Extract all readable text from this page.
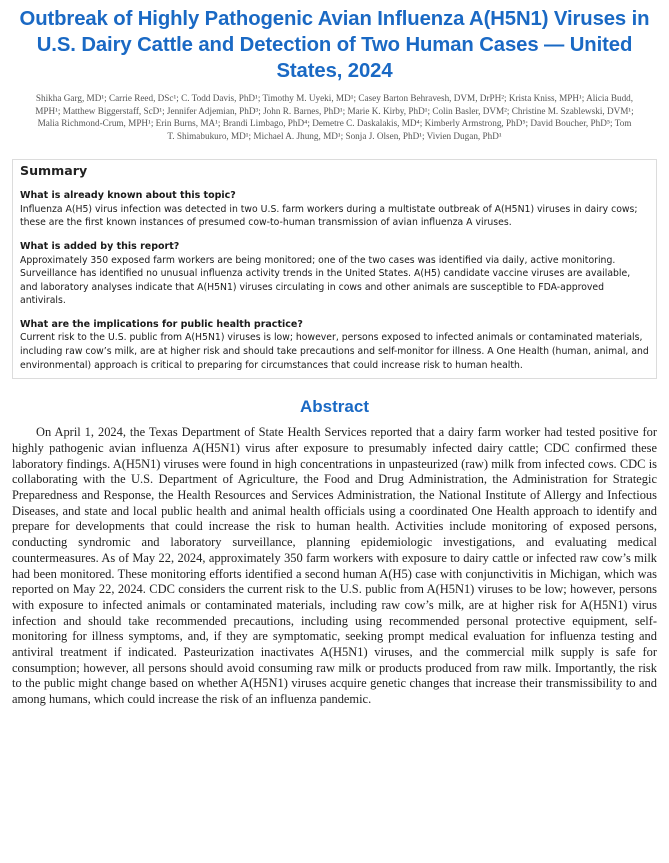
Outbreak of Highly Pathogenic Avian Influenza A(H5N1) Viruses in U.S. Dairy Cattle and Detection of Two Human Cases — United States, 2024

Shikha Garg, MD¹; Carrie Reed, DSc¹; C. Todd Davis, PhD¹; Timothy M. Uyeki, MD¹; Casey Barton Behravesh, DVM, DrPH²; Krista Kniss, MPH¹; Alicia Budd, MPH¹; Matthew Biggerstaff, ScD¹; Jennifer Adjemian, PhD³; John R. Barnes, PhD¹; Marie K. Kirby, PhD¹; Colin Basler, DVM²; Christine M. Szablewski, DVM¹; Malia Richmond-Crum, MPH¹; Erin Burns, MA¹; Brandi Limbago, PhD⁴; Demetre C. Daskalakis, MD⁴; Kimberly Armstrong, PhD⁵; David Boucher, PhD⁵; Tom T. Shimabukuro, MD¹; Michael A. Jhung, MD¹; Sonja J. Olsen, PhD¹; Vivien Dugan, PhD¹

Summary

What is already known about this topic?

Influenza A(H5) virus infection was detected in two U.S. farm workers during a multistate outbreak of A(H5N1) viruses in dairy cows; these are the first known instances of presumed cow-to-human transmission of avian influenza A viruses.

What is added by this report?

Approximately 350 exposed farm workers are being monitored; one of the two cases was identified via daily, active monitoring. Surveillance has identified no unusual influenza activity trends in the United States. A(H5) candidate vaccine viruses are available, and laboratory analyses indicate that A(H5N1) viruses circulating in cows and other animals are susceptible to FDA-approved antivirals.

What are the implications for public health practice?

Current risk to the U.S. public from A(H5N1) viruses is low; however, persons exposed to infected animals or contaminated materials, including raw cow’s milk, are at higher risk and should take precautions and self-monitor for illness. A One Health (human, animal, and environmental) approach is critical to preparing for circumstances that could increase risk to human health.

Abstract

On April 1, 2024, the Texas Department of State Health Services reported that a dairy farm worker had tested positive for highly pathogenic avian influenza A(H5N1) virus after exposure to presumably infected dairy cattle; CDC confirmed these laboratory findings. A(H5N1) viruses were found in high concentrations in unpasteurized (raw) milk from infected cows. CDC is collaborating with the U.S. Department of Agriculture, the Food and Drug Administration, the Administration for Strategic Preparedness and Response, the Health Resources and Services Administration, the National Institute of Allergy and Infectious Diseases, and state and local public health and animal health officials using a coordinated One Health approach to identify and prepare for developments that could increase the risk to human health. Activities include monitoring of exposed persons, conducting syndromic and laboratory surveillance, planning epidemiologic investigations, and evaluating medical countermeasures. As of May 22, 2024, approximately 350 farm workers with exposure to dairy cattle or infected raw cow’s milk had been monitored. These monitoring efforts identified a second human A(H5) case with conjunctivitis in Michigan, which was reported on May 22, 2024. CDC considers the current risk to the U.S. public from A(H5N1) viruses to be low; however, persons with exposure to infected animals or contaminated materials, including raw cow’s milk, are at higher risk for A(H5N1) virus infection and should take recommended precautions, including using recommended personal protective equipment, self-monitoring for illness symptoms, and, if they are symptomatic, seeking prompt medical evaluation for influenza testing and antiviral treatment if indicated. Pasteurization inactivates A(H5N1) viruses, and the commercial milk supply is safe for consumption; however, all persons should avoid consuming raw milk or products produced from raw milk. Importantly, the risk to the public might change based on whether A(H5N1) viruses acquire genetic changes that increase their transmissibility to and among humans, which could increase the risk of an influenza pandemic.
